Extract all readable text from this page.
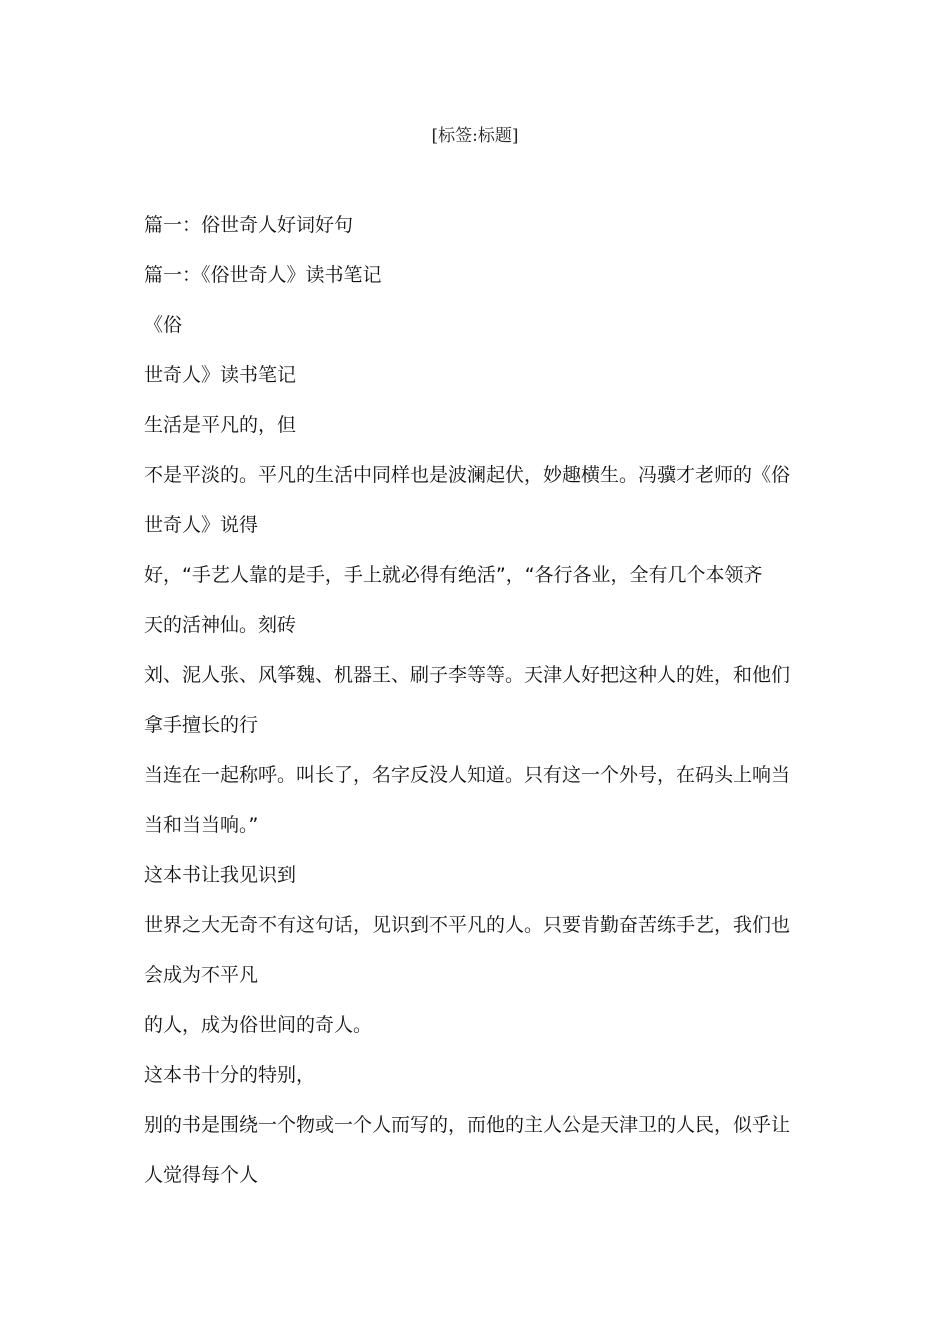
[标签:标题]
篇一：俗世奇人好词好句
篇一：《俗世奇人》读书笔记
《俗
世奇人》读书笔记
生活是平凡的，但
不是平淡的。平凡的生活中同样也是波澜起伏，妙趣横生。冯骥才老师的《俗
世奇人》说得
好，“手艺人靠的是手，手上就必得有绝活”，“各行各业，全有几个本领齐
天的活神仙。刻砖
刘、泥人张、风筝魏、机器王、刷子李等等。天津人好把这种人的姓，和他们
拿手擅长的行
当连在一起称呼。叫长了，名字反没人知道。只有这一个外号，在码头上响当
当和当当响。”
这本书让我见识到
世界之大无奇不有这句话，见识到不平凡的人。只要肯勤奋苦练手艺，我们也
会成为不平凡
的人，成为俗世间的奇人。
这本书十分的特别，
别的书是围绕一个物或一个人而写的，而他的主人公是天津卫的人民，似乎让
人觉得每个人
